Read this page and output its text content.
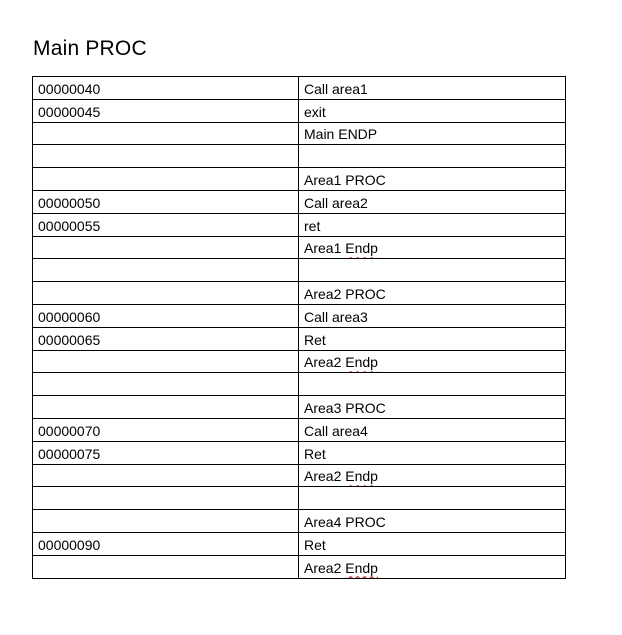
Main PROC
00000040	Call area1
00000045	exit
	Main ENDP

	Area1 PROC
00000050	Call area2
00000055	ret
	Area1 Endp

	Area2 PROC
00000060	Call area3
00000065	Ret
	Area2 Endp

	Area3 PROC
00000070	Call area4
00000075	Ret
	Area2 Endp

	Area4 PROC
00000090	Ret
	Area2 Endp
